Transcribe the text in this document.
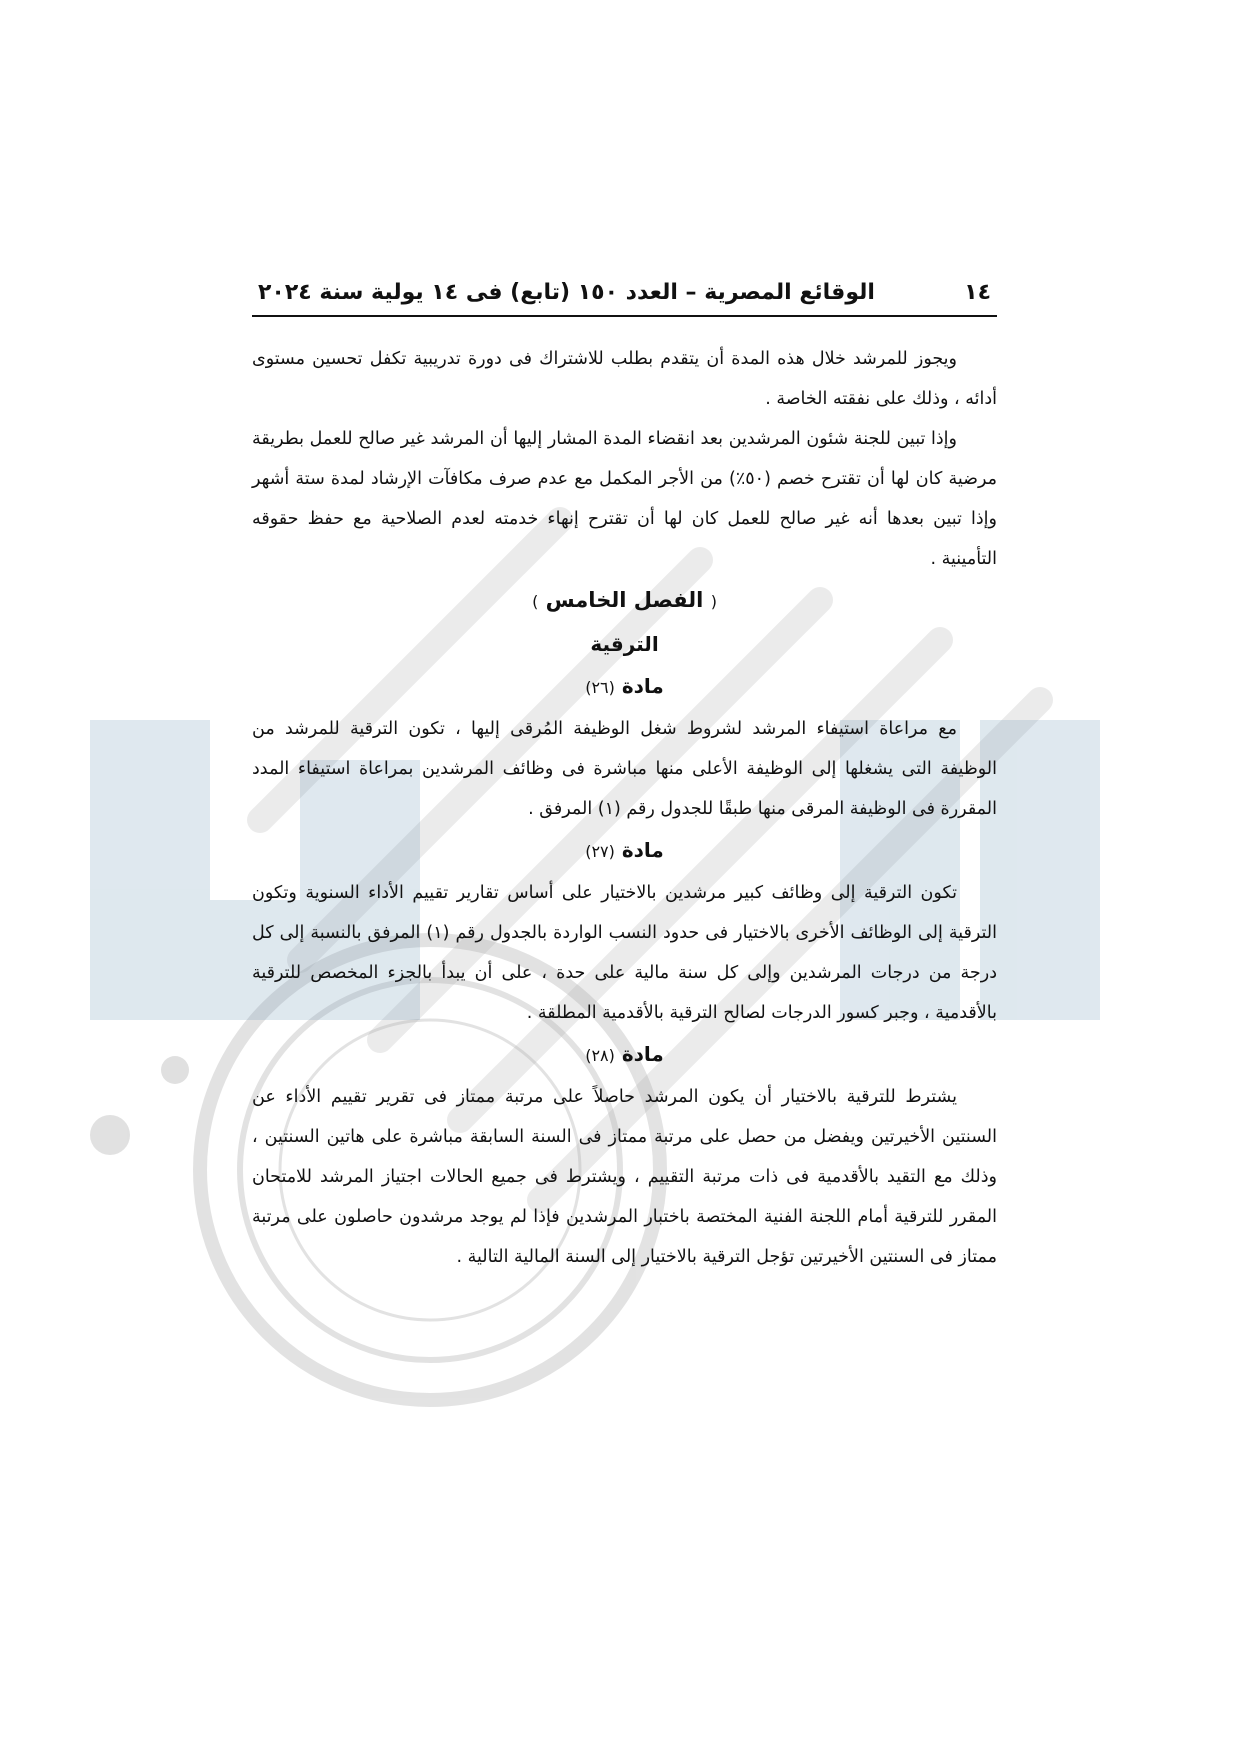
١٤
الوقائع المصرية – العدد ١٥٠ (تابع) فى ١٤ يولية سنة ٢٠٢٤

ويجوز للمرشد خلال هذه المدة أن يتقدم بطلب للاشتراك فى دورة تدريبية تكفل تحسين مستوى أدائه ، وذلك على نفقته الخاصة .

وإذا تبين للجنة شئون المرشدين بعد انقضاء المدة المشار إليها أن المرشد غير صالح للعمل بطريقة مرضية كان لها أن تقترح خصم (٥٠٪) من الأجر المكمل مع عدم صرف مكافآت الإرشاد لمدة ستة أشهر وإذا تبين بعدها أنه غير صالح للعمل كان لها أن تقترح إنهاء خدمته لعدم الصلاحية مع حفظ حقوقه التأمينية .

( الفصل الخامس )

الترقية

مادة (٢٦)

مع مراعاة استيفاء المرشد لشروط شغل الوظيفة المُرقى إليها ، تكون الترقية للمرشد من الوظيفة التى يشغلها إلى الوظيفة الأعلى منها مباشرة فى وظائف المرشدين بمراعاة استيفاء المدد المقررة فى الوظيفة المرقى منها طبقًا للجدول رقم (١) المرفق .

مادة (٢٧)

تكون الترقية إلى وظائف كبير مرشدين بالاختيار على أساس تقارير تقييم الأداء السنوية وتكون الترقية إلى الوظائف الأخرى بالاختيار فى حدود النسب الواردة بالجدول رقم (١) المرفق بالنسبة إلى كل درجة من درجات المرشدين وإلى كل سنة مالية على حدة ، على أن يبدأ بالجزء المخصص للترقية بالأقدمية ، وجبر كسور الدرجات لصالح الترقية بالأقدمية المطلقة .

مادة (٢٨)

يشترط للترقية بالاختيار أن يكون المرشد حاصلاً على مرتبة ممتاز فى تقرير تقييم الأداء عن السنتين الأخيرتين ويفضل من حصل على مرتبة ممتاز فى السنة السابقة مباشرة على هاتين السنتين ، وذلك مع التقيد بالأقدمية فى ذات مرتبة التقييم ، ويشترط فى جميع الحالات اجتياز المرشد للامتحان المقرر للترقية أمام اللجنة الفنية المختصة باختبار المرشدين فإذا لم يوجد مرشدون حاصلون على مرتبة ممتاز فى السنتين الأخيرتين تؤجل الترقية بالاختيار إلى السنة المالية التالية .
